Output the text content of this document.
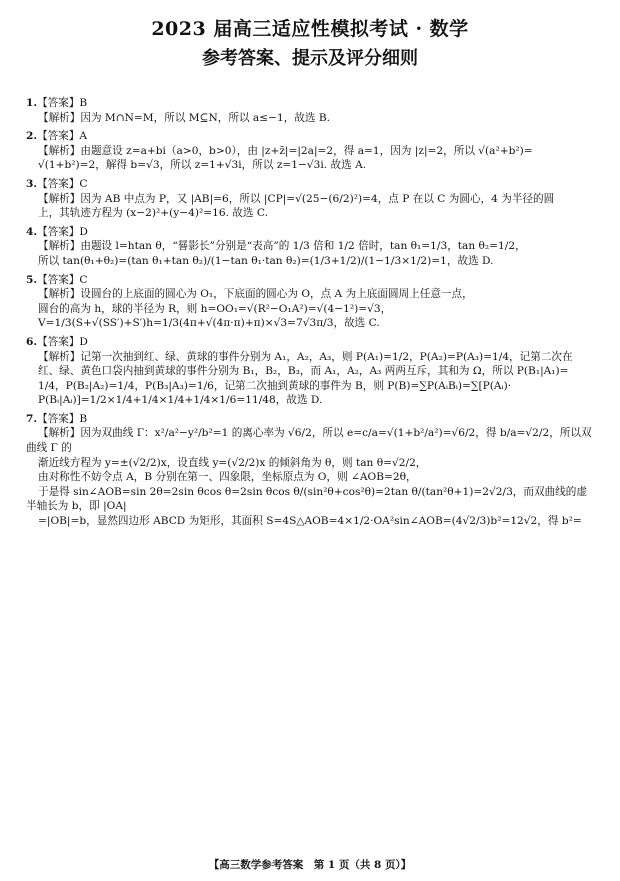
2023 届高三适应性模拟考试 · 数学
参考答案、提示及评分细则
1.【答案】B
【解析】因为 M∩N=M，所以 M⊆N，所以 a≤−1，故选 B.
2.【答案】A
【解析】由题意设 z=a+bi（a>0，b>0），由 |z+z̄|=|2a|=2，得 a=1，因为 |z|=2，所以 √(a²+b²)=
√(1+b²)=2，解得 b=√3，所以 z=1+√3i，所以 z=1−√3i. 故选 A.
3.【答案】C
【解析】因为 AB 中点为 P，又 |AB|=6，所以 |CP|=√(25−(6/2)²)=4，点 P 在以 C 为圆心，4 为半径的圆
上，其轨迹方程为 (x−2)²+(y−4)²=16. 故选 C.
4.【答案】D
【解析】由题设 l=htan θ，“晷影长”分别是“表高”的 1/3 倍和 1/2 倍时，tan θ₁=1/3，tan θ₂=1/2，
所以 tan(θ₁+θ₂)=(tan θ₁+tan θ₂)/(1−tan θ₁·tan θ₂)=(1/3+1/2)/(1−1/3×1/2)=1，故选 D.
5.【答案】C
【解析】设圆台的上底面的圆心为 O₁，下底面的圆心为 O，点 A 为上底面圆周上任意一点，
圆台的高为 h，球的半径为 R，则 h=OO₁=√(R²−O₁A²)=√(4−1²)=√3，
V=1/3(S+√(SS′)+S′)h=1/3(4π+√(4π·π)+π)×√3=7√3π/3，故选 C.
6.【答案】D
【解析】记第一次抽到红、绿、黄球的事件分别为 A₁，A₂，A₃，则 P(A₁)=1/2，P(A₂)=P(A₃)=1/4，记第二次在
红、绿、黄色口袋内抽到黄球的事件分别为 B₁，B₂，B₃，而 A₁，A₂，A₃ 两两互斥，其和为 Ω，所以 P(B₁|A₁)=
1/4，P(B₂|A₂)=1/4，P(B₃|A₃)=1/6，记第二次抽到黄球的事件为 B，则 P(B)=∑P(AᵢBᵢ)=∑[P(Aᵢ)·
P(Bᵢ|Aᵢ)]=1/2×1/4+1/4×1/4+1/4×1/6=11/48，故选 D.
7.【答案】B
【解析】因为双曲线 Γ：x²/a²−y²/b²=1 的离心率为 √6/2，所以 e=c/a=√(1+b²/a²)=√6/2，得 b/a=√2/2，所以双曲线 Γ 的
渐近线方程为 y=±(√2/2)x，设直线 y=(√2/2)x 的倾斜角为 θ，则 tan θ=√2/2，
由对称性不妨令点 A，B 分别在第一、四象限，坐标原点为 O，则 ∠AOB=2θ，
于是得 sin∠AOB=sin 2θ=2sin θcos θ=2sin θcos θ/(sin²θ+cos²θ)=2tan θ/(tan²θ+1)=2√2/3，而双曲线的虚半轴长为 b，即 |OA|
=|OB|=b，显然四边形 ABCD 为矩形，其面积 S=4S△AOB=4×1/2·OA²sin∠AOB=(4√2/3)b²=12√2，得 b²=
【高三数学参考答案　第 1 页（共 8 页）】
